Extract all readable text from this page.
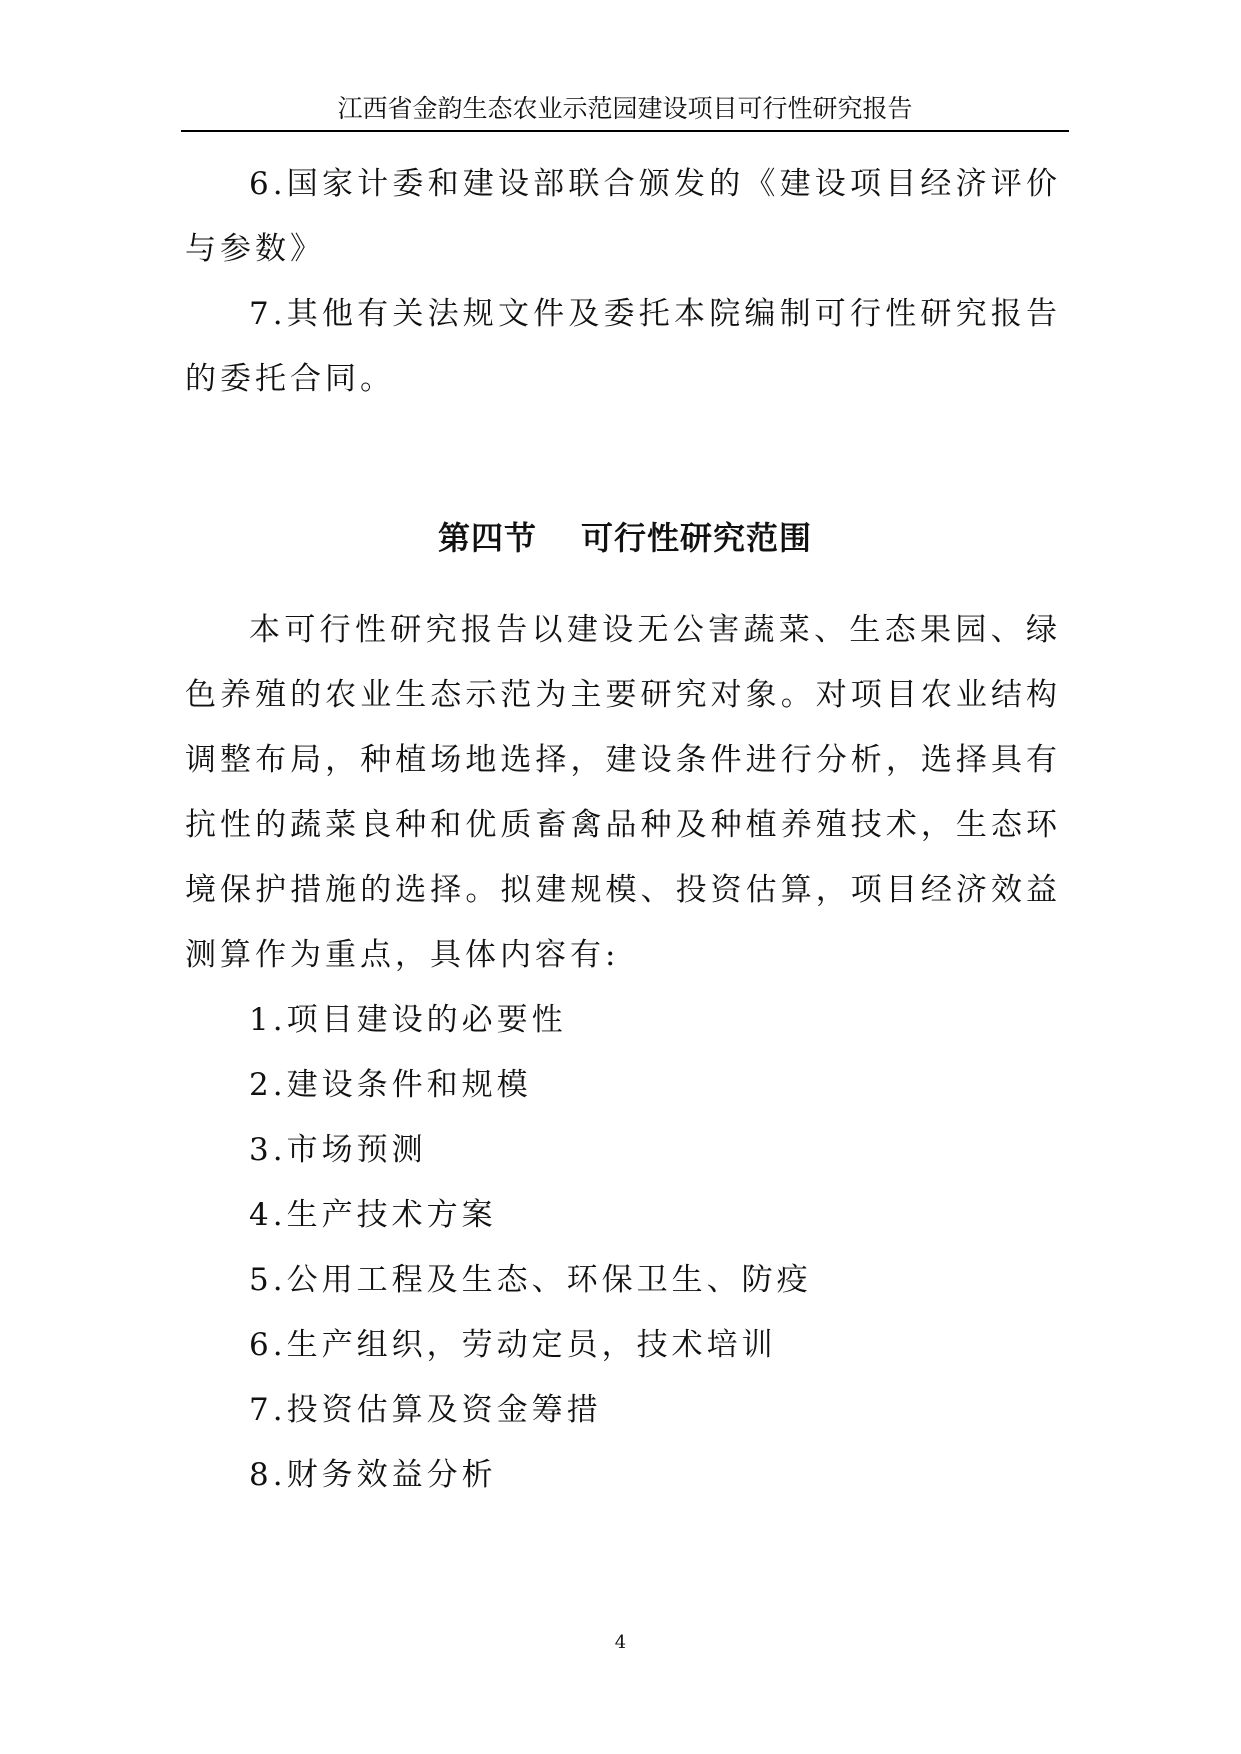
江西省金韵生态农业示范园建设项目可行性研究报告

6.国家计委和建设部联合颁发的《建设项目经济评价与参数》

7.其他有关法规文件及委托本院编制可行性研究报告的委托合同。

第四节 可行性研究范围

本可行性研究报告以建设无公害蔬菜、生态果园、绿色养殖的农业生态示范为主要研究对象。对项目农业结构调整布局，种植场地选择，建设条件进行分析，选择具有抗性的蔬菜良种和优质畜禽品种及种植养殖技术，生态环境保护措施的选择。拟建规模、投资估算，项目经济效益测算作为重点，具体内容有:

1.项目建设的必要性

2.建设条件和规模

3.市场预测

4.生产技术方案

5.公用工程及生态、环保卫生、防疫

6.生产组织，劳动定员，技术培训

7.投资估算及资金筹措

8.财务效益分析

4
